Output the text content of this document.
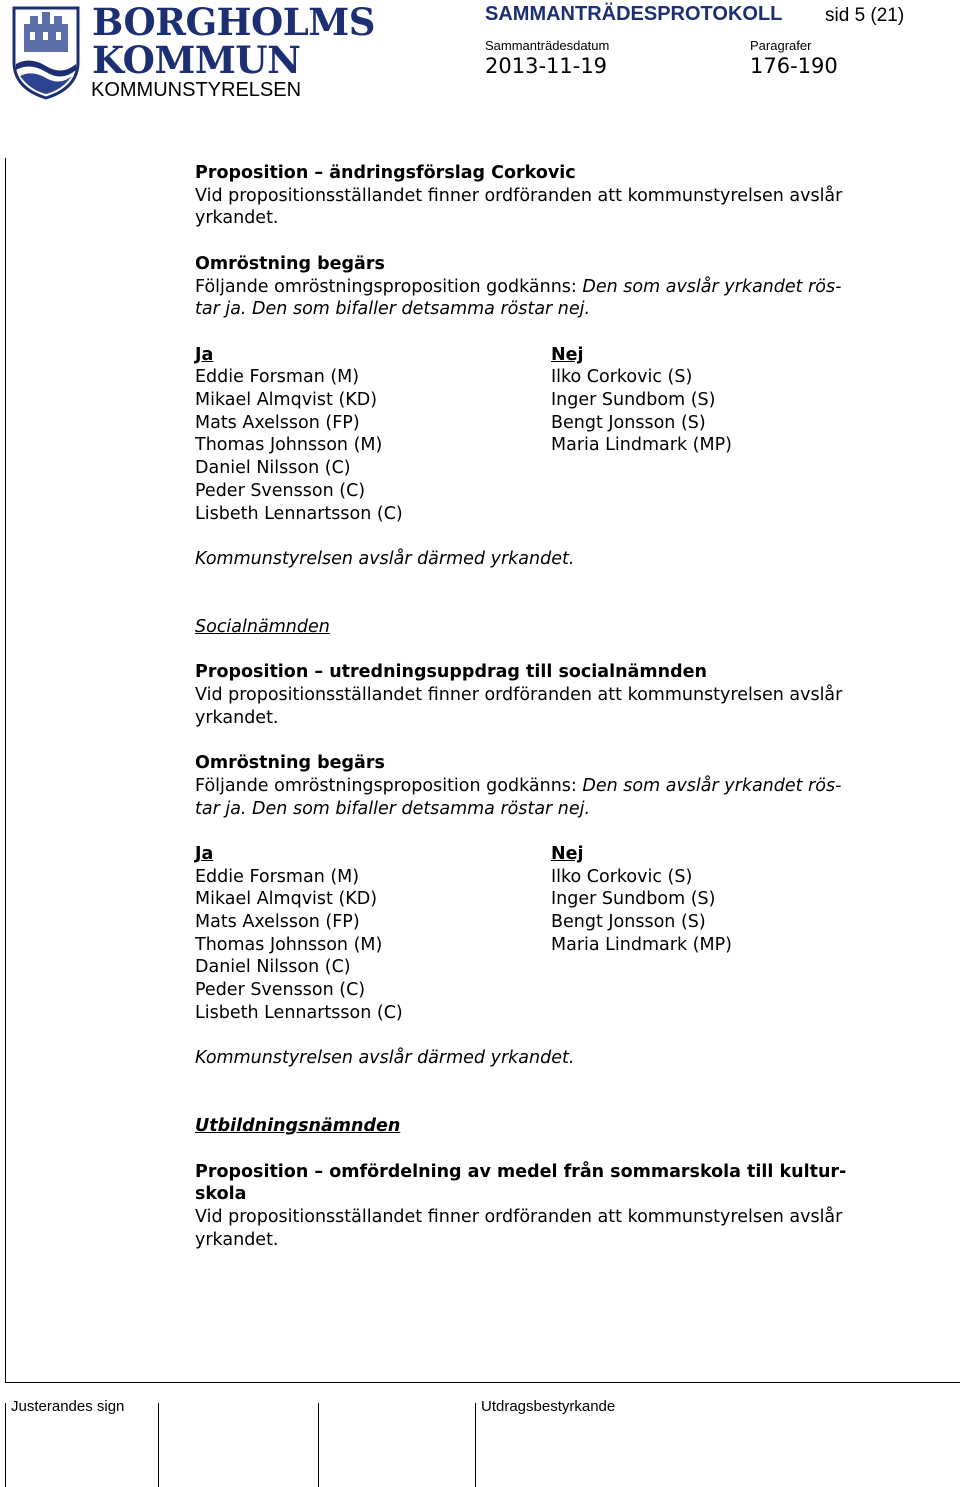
BORGHOLMS
KOMMUN
KOMMUNSTYRELSEN
SAMMANTRÄDESPROTOKOLL sid 5 (21)
Sammanträdesdatum
2013-11-19
Paragrafer
176-190
Justerandes sign	Utdragsbestyrkande

Proposition – ändringsförslag Corkovic

Vid propositionsställandet finner ordföranden att kommunstyrelsen avslår yrkandet.

Omröstning begärs

Följande omröstningsproposition godkänns: Den som avslår yrkandet rös-

tar ja. Den som bifaller detsamma röstar nej.

Ja
Eddie Forsman (M)
Mikael Almqvist (KD)
Mats Axelsson (FP)
Thomas Johnsson (M)
Daniel Nilsson (C)
Peder Svensson (C)
Lisbeth Lennartsson (C)
Nej
Ilko Corkovic (S)
Inger Sundbom (S)
Bengt Jonsson (S)
Maria Lindmark (MP)

Kommunstyrelsen avslår därmed yrkandet.

Socialnämnden

Proposition – utredningsuppdrag till socialnämnden

Vid propositionsställandet finner ordföranden att kommunstyrelsen avslår yrkandet.

Omröstning begärs

Följande omröstningsproposition godkänns: Den som avslår yrkandet rös-

tar ja. Den som bifaller detsamma röstar nej.

Ja
Eddie Forsman (M)
Mikael Almqvist (KD)
Mats Axelsson (FP)
Thomas Johnsson (M)
Daniel Nilsson (C)
Peder Svensson (C)
Lisbeth Lennartsson (C)
Nej
Ilko Corkovic (S)
Inger Sundbom (S)
Bengt Jonsson (S)
Maria Lindmark (MP)

Kommunstyrelsen avslår därmed yrkandet.

Utbildningsnämnden

Proposition – omfördelning av medel från sommarskola till kultur-

skola

Vid propositionsställandet finner ordföranden att kommunstyrelsen avslår yrkandet.
